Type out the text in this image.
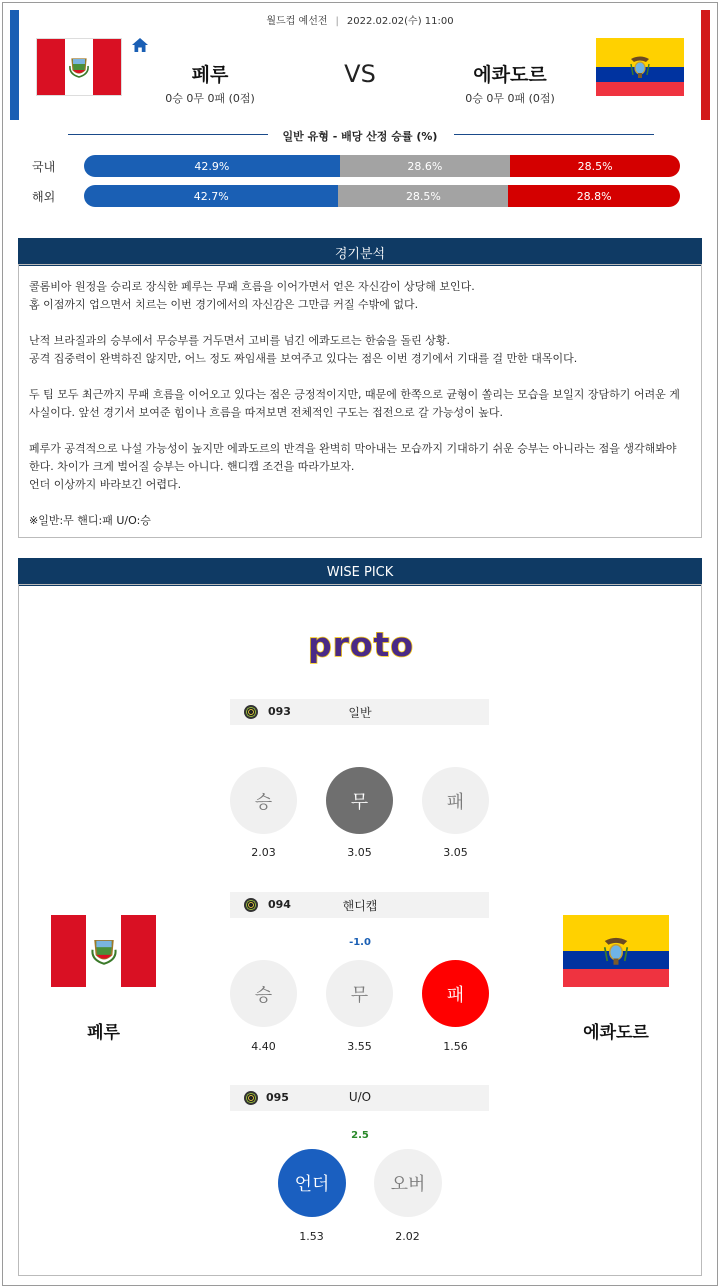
월드컵 예선전 | 2022.02.02(수) 11:00
페루
0승 0무 0패 (0점)
VS	에콰도르
0승 0무 0패 (0점)
일반 유형 - 배당 산정 승률 (%)
국내	42.9%	28.6%	28.5%
해외	42.7%	28.5%	28.8%
경기분석

콜롬비아 원정을 승리로 장식한 페루는 무패 흐름을 이어가면서 얻은 자신감이 상당해 보인다.
홈 이점까지 업으면서 치르는 이번 경기에서의 자신감은 그만큼 커질 수밖에 없다.

난적 브라질과의 승부에서 무승부를 거두면서 고비를 넘긴 에콰도르는 한숨을 돌린 상황.
공격 집중력이 완벽하진 않지만, 어느 정도 짜임새를 보여주고 있다는 점은 이번 경기에서 기대를 걸 만한 대목이다.

두 팀 모두 최근까지 무패 흐름을 이어오고 있다는 점은 긍정적이지만, 때문에 한쪽으로 균형이 쏠리는 모습을 보일지 장담하기 어려운 게
사실이다. 앞선 경기서 보여준 힘이나 흐름을 따져보면 전체적인 구도는 접전으로 갈 가능성이 높다.

페루가 공격적으로 나설 가능성이 높지만 에콰도르의 반격을 완벽히 막아내는 모습까지 기대하기 쉬운 승부는 아니라는 점을 생각해봐야
한다. 차이가 크게 벌어질 승부는 아니다. 핸디캡 조건을 따라가보자.
언더 이상까지 바라보긴 어렵다.

※일반:무 핸디:패 U/O:승

WISE PICK
proto
093	일반
승	무	패
2.03	3.05	3.05
094	핸디캡
-1.0
승	무	패
4.40	3.55	1.56
페루	에콰도르
095	U/O
2.5
언더	오버
1.53	2.02
